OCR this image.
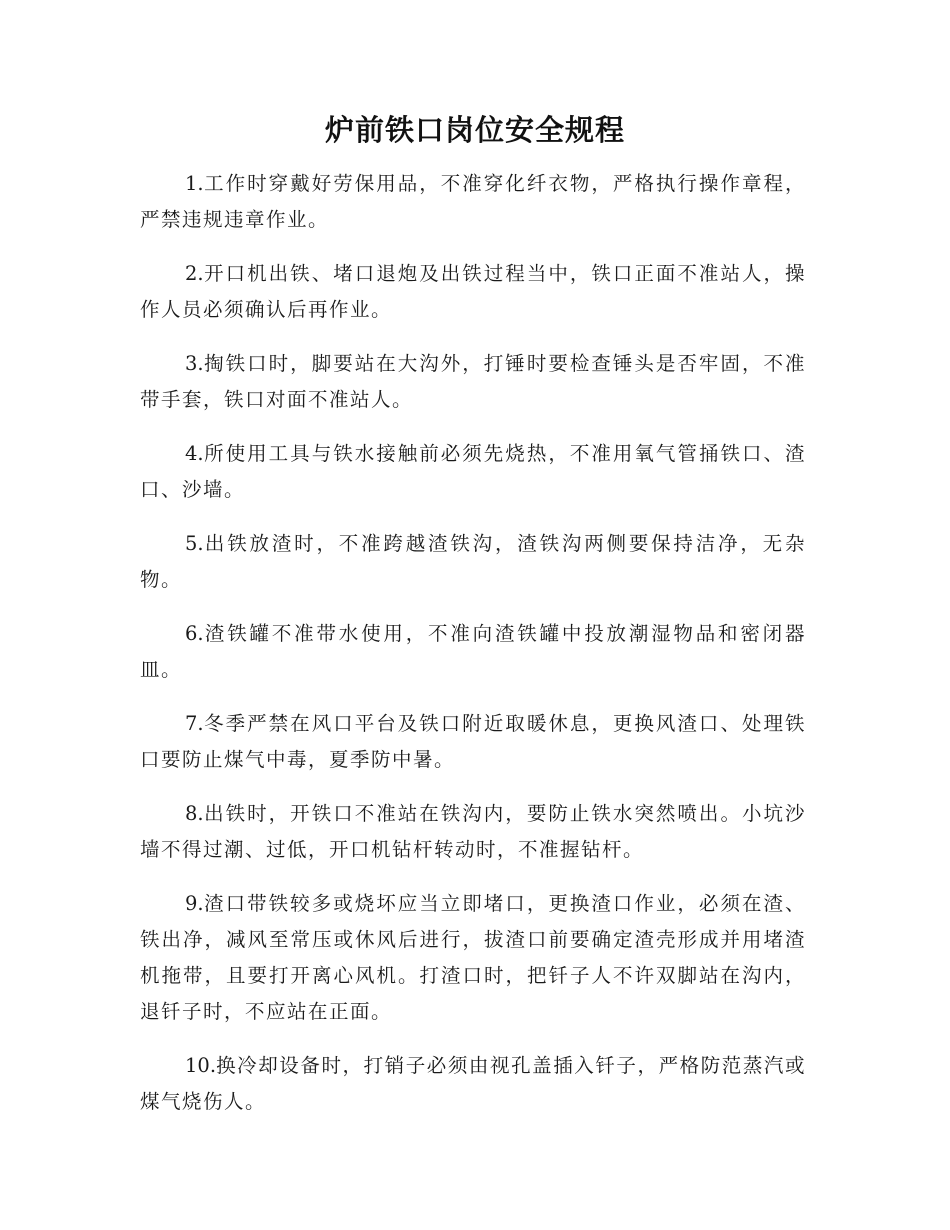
炉前铁口岗位安全规程

1.工作时穿戴好劳保用品，不准穿化纤衣物，严格执行操作章程，严禁违规违章作业。

2.开口机出铁、堵口退炮及出铁过程当中，铁口正面不准站人，操作人员必须确认后再作业。

3.掏铁口时，脚要站在大沟外，打锤时要检查锤头是否牢固，不准带手套，铁口对面不准站人。

4.所使用工具与铁水接触前必须先烧热，不准用氧气管捅铁口、渣口、沙墙。

5.出铁放渣时，不准跨越渣铁沟，渣铁沟两侧要保持洁净，无杂物。

6.渣铁罐不准带水使用，不准向渣铁罐中投放潮湿物品和密闭器皿。

7.冬季严禁在风口平台及铁口附近取暖休息，更换风渣口、处理铁口要防止煤气中毒，夏季防中暑。

8.出铁时，开铁口不准站在铁沟内，要防止铁水突然喷出。小坑沙墙不得过潮、过低，开口机钻杆转动时，不准握钻杆。

9.渣口带铁较多或烧坏应当立即堵口，更换渣口作业，必须在渣、铁出净，减风至常压或休风后进行，拔渣口前要确定渣壳形成并用堵渣机拖带，且要打开离心风机。打渣口时，把钎子人不许双脚站在沟内，退钎子时，不应站在正面。

10.换冷却设备时，打销子必须由视孔盖插入钎子，严格防范蒸汽或煤气烧伤人。
